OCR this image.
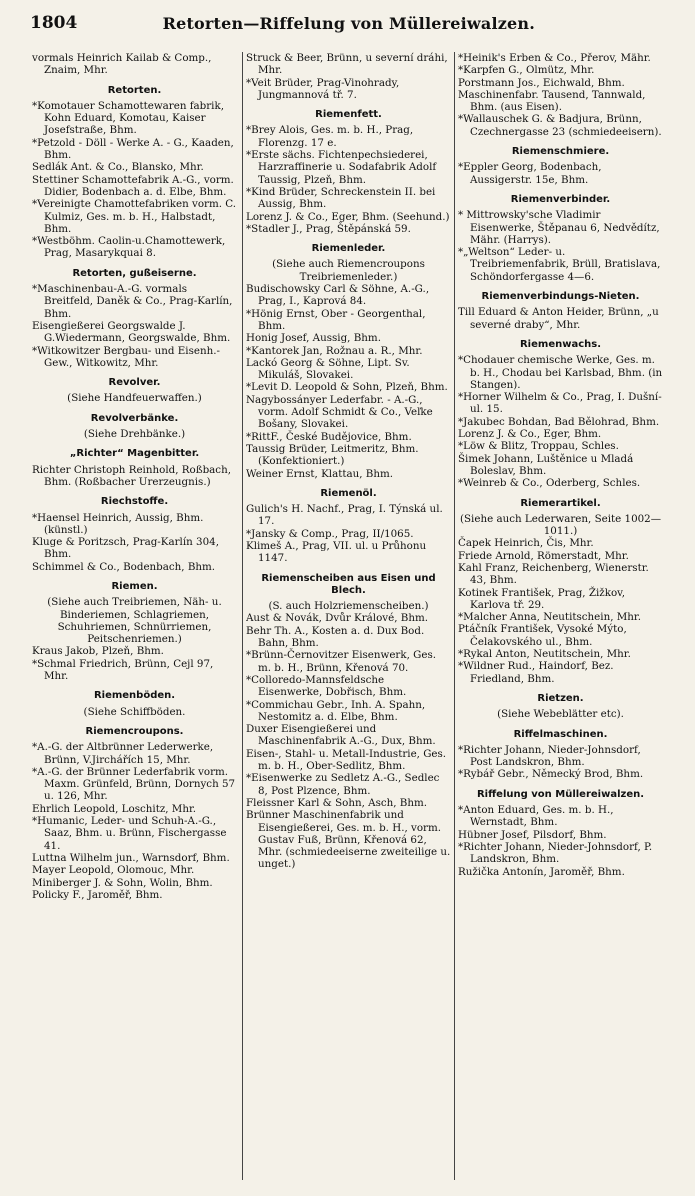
1804	Retorten—Riffelung von Müllereiwalzen.

vormals Heinrich Kailab & Comp., Znaim, Mhr.

Retorten.

*Komotauer Schamottewaren fabrik, Kohn Eduard, Komotau, Kaiser Josefstraße, Bhm.

*Petzold - Döll - Werke A. - G., Kaaden, Bhm.

Sedlák Ant. & Co., Blansko, Mhr.

Stettiner Schamottefabrik A.-G., vorm. Didier, Bodenbach a. d. Elbe, Bhm.

*Vereinigte Chamottefabriken vorm. C. Kulmiz, Ges. m. b. H., Halbstadt, Bhm.

*Westböhm. Caolin-u.Chamottewerk, Prag, Masarykquai 8.

Retorten, gußeiserne.

*Maschinenbau-A.-G. vormals Breitfeld, Daněk & Co., Prag-Karlín, Bhm.

Eisengießerei Georgswalde J. G.Wiedermann, Georgswalde, Bhm.

*Witkowitzer Bergbau- und Eisenh.-Gew., Witkowitz, Mhr.

Revolver.

(Siehe Handfeuerwaffen.)

Revolverbänke.

(Siehe Drehbänke.)

„Richter“ Magenbitter.

Richter Christoph Reinhold, Roßbach, Bhm. (Roßbacher Urerzeugnis.)

Riechstoffe.

*Haensel Heinrich, Aussig, Bhm. (künstl.)

Kluge & Poritzsch, Prag-Karlín 304, Bhm.

Schimmel & Co., Bodenbach, Bhm.

Riemen.

(Siehe auch Treibriemen, Näh- u. Binderiemen, Schlagriemen, Schuhriemen, Schnürriemen, Peitschenriemen.)

Kraus Jakob, Plzeň, Bhm.

*Schmal Friedrich, Brünn, Cejl 97, Mhr.

Riemenböden.

(Siehe Schiffböden.

Riemencroupons.

*A.-G. der Altbrünner Lederwerke, Brünn, V.Jirchářích 15, Mhr.

*A.-G. der Brünner Lederfabrik vorm. Maxm. Grünfeld, Brünn, Dornych 57 u. 126, Mhr.

Ehrlich Leopold, Loschitz, Mhr.

*Humanic, Leder- und Schuh-A.-G., Saaz, Bhm. u. Brünn, Fischergasse 41.

Luttna Wilhelm jun., Warnsdorf, Bhm.

Mayer Leopold, Olomouc, Mhr.

Miniberger J. & Sohn, Wolin, Bhm.

Policky F., Jaroměř, Bhm.

Struck & Beer, Brünn, u severní dráhi, Mhr.

*Veit Brüder, Prag-Vinohrady, Jungmannová tř. 7.

Riemenfett.

*Brey Alois, Ges. m. b. H., Prag, Florenzg. 17 e.

*Erste sächs. Fichtenpechsiederei, Harzraffinerie u. Sodafabrik Adolf Taussig, Plzeň, Bhm.

*Kind Brüder, Schreckenstein II. bei Aussig, Bhm.

Lorenz J. & Co., Eger, Bhm. (Seehund.)

*Stadler J., Prag, Štěpánská 59.

Riemenleder.

(Siehe auch Riemencroupons Treibriemenleder.)

Budischowsky Carl & Söhne, A.-G., Prag, I., Kaprová 84.

*Hönig Ernst, Ober - Georgenthal, Bhm.

Honig Josef, Aussig, Bhm.

*Kantorek Jan, Rožnau a. R., Mhr.

Lackó Georg & Söhne, Lipt. Sv. Mikuláš, Slovakei.

*Levit D. Leopold & Sohn, Plzeň, Bhm.

Nagybossányer Lederfabr. - A.-G., vorm. Adolf Schmidt & Co., Veľke Bošany, Slovakei.

*RittF., České Budějovice, Bhm.

Taussig Brüder, Leitmeritz, Bhm. (Konfektioniert.)

Weiner Ernst, Klattau, Bhm.

Riemenöl.

Gulich's H. Nachf., Prag, I. Týnská ul. 17.

*Jansky & Comp., Prag, II/1065.

Klimeš A., Prag, VII. ul. u Průhonu 1147.

Riemenscheiben aus Eisen und Blech.

(S. auch Holzriemenscheiben.)

Aust & Novák, Dvůr Králové, Bhm.

Behr Th. A., Kosten a. d. Dux Bod. Bahn, Bhm.

*Brünn-Černovitzer Eisenwerk, Ges. m. b. H., Brünn, Křenová 70.

*Colloredo-Mannsfeldsche Eisenwerke, Dobřisch, Bhm.

*Commichau Gebr., Inh. A. Spahn, Nestomitz a. d. Elbe, Bhm.

Duxer Eisengießerei und Maschinenfabrik A.-G., Dux, Bhm.

Eisen-, Stahl- u. Metall-Industrie, Ges. m. b. H., Ober-Sedlitz, Bhm.

*Eisenwerke zu Sedletz A.-G., Sedlec 8, Post Plzence, Bhm.

Fleissner Karl & Sohn, Asch, Bhm.

Brünner Maschinenfabrik und Eisengießerei, Ges. m. b. H., vorm. Gustav Fuß, Brünn, Křenová 62, Mhr. (schmiedeeiserne zweiteilige u. unget.)

*Heinik's Erben & Co., Přerov, Mähr.

*Karpfen G., Olmütz, Mhr.

Porstmann Jos., Eichwald, Bhm.

Maschinenfabr. Tausend, Tannwald, Bhm. (aus Eisen).

*Wallauschek G. & Badjura, Brünn, Czechnergasse 23 (schmiedeeisern).

Riemenschmiere.

*Eppler Georg, Bodenbach, Aussigerstr. 15e, Bhm.

Riemenverbinder.

* Mittrowsky'sche Vladimir Eisenwerke, Štěpanau 6, Nedvědítz, Mähr. (Harrys).

*„Weltson“ Leder- u. Treibriemenfabrik, Brüll, Bratislava, Schöndorfergasse 4—6.

Riemenverbindungs-Nieten.

Till Eduard & Anton Heider, Brünn, „u severné draby“, Mhr.

Riemenwachs.

*Chodauer chemische Werke, Ges. m. b. H., Chodau bei Karlsbad, Bhm. (in Stangen).

*Horner Wilhelm & Co., Prag, I. Dušní-ul. 15.

*Jakubec Bohdan, Bad Bělohrad, Bhm.

Lorenz J. & Co., Eger, Bhm.

*Löw & Blitz, Troppau, Schles.

Šimek Johann, Luštěnice u Mladá Boleslav, Bhm.

*Weinreb & Co., Oderberg, Schles.

Riemerartikel.

(Siehe auch Lederwaren, Seite 1002— 1011.)

Čapek Heinrich, Čis, Mhr.

Friede Arnold, Römerstadt, Mhr.

Kahl Franz, Reichenberg, Wienerstr. 43, Bhm.

Kotinek František, Prag, Žižkov, Karlova tř. 29.

*Malcher Anna, Neutitschein, Mhr.

Ptáčník František, Vysoké Mýto, Čelakovského ul., Bhm.

*Rykal Anton, Neutitschein, Mhr.

*Wildner Rud., Haindorf, Bez. Friedland, Bhm.

Rietzen.

(Siehe Webeblätter etc).

Riffelmaschinen.

*Richter Johann, Nieder-Johnsdorf, Post Landskron, Bhm.

*Rybář Gebr., Německý Brod, Bhm.

Riffelung von Müllereiwalzen.

*Anton Eduard, Ges. m. b. H., Wernstadt, Bhm.

Hübner Josef, Pilsdorf, Bhm.

*Richter Johann, Nieder-Johnsdorf, P. Landskron, Bhm.

Ružička Antonín, Jaroměř, Bhm.
